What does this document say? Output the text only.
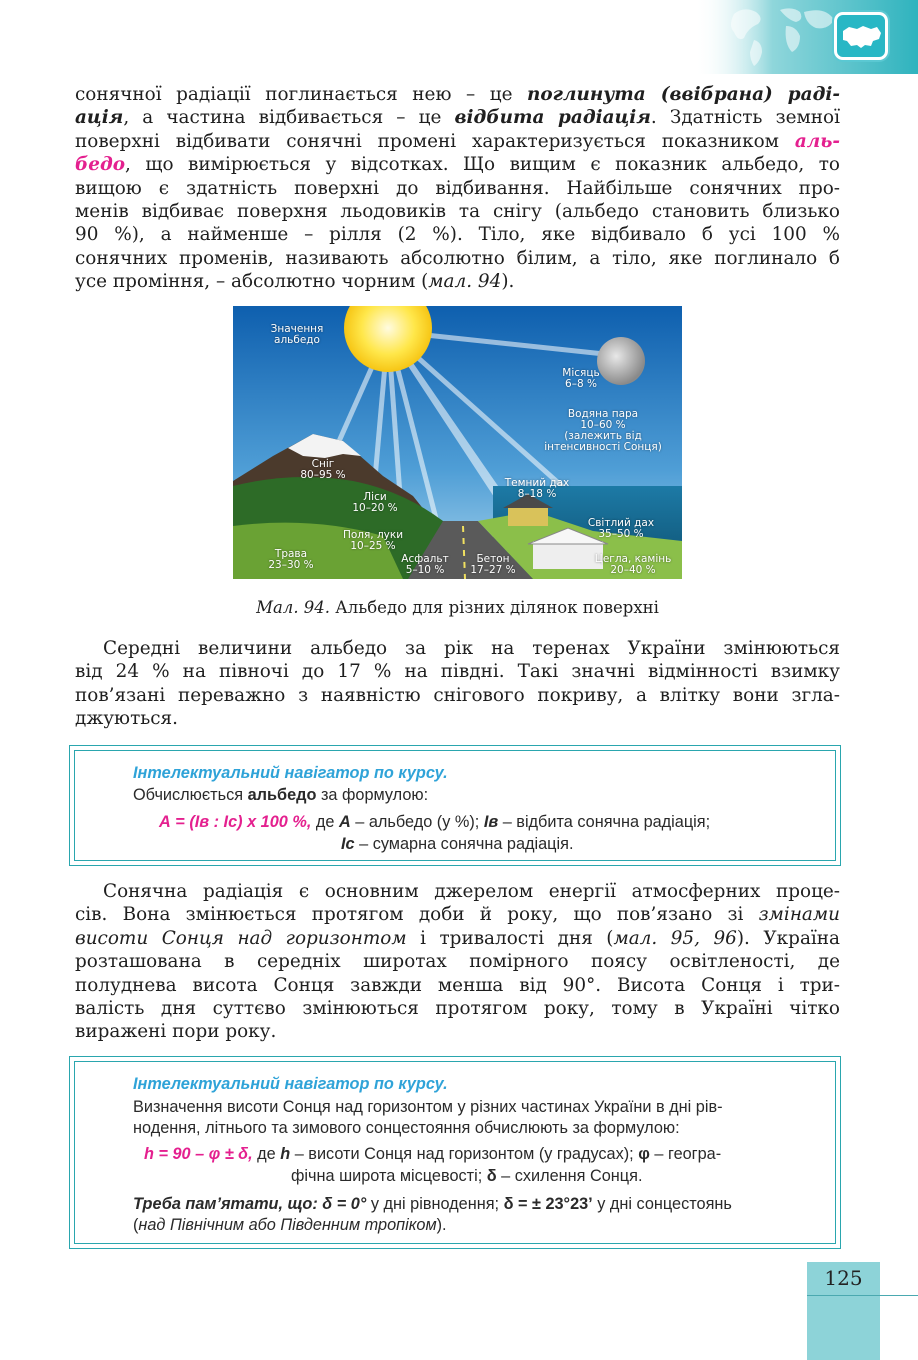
сонячної радіації поглинається нею – це поглинута (ввібрана) раді-
ація, а частина відбивається – це відбита радіація. Здатність земної
поверхні відбивати сонячні промені характеризується показником аль-
бедо, що вимірюється у відсотках. Що вищим є показник альбедо, то
вищою є здатність поверхні до відбивання. Найбільше сонячних про-
менів відбиває поверхня льодовиків та снігу (альбедо становить близько
90 %), а найменше – рілля (2 %). Тіло, яке відбивало б усі 100 %
сонячних променів, називають абсолютно білим, а тіло, яке поглинало б
усе проміння, – абсолютно чорним (мал. 94).
Значення альбедо
Місяць
6–8 %
Водяна пара
10–60 %
(залежить від
інтенсивності Сонця)
Сніг
80–95 %
Ліси
10–20 %
Темний дах
8–18 %
Світлий дах
35–50 %
Поля, луки
10–25 %
Трава
23–30 %	Асфальт
5–10 %
Бетон
17–27 %
Цегла, камінь
20–40 %
Мал. 94. Альбедо для різних ділянок поверхні
Середні величини альбедо за рік на теренах України змінюються
від 24 % на півночі до 17 % на півдні. Такі значні відмінності взимку
пов’язані переважно з наявністю снігового покриву, а влітку вони згла-
джуються.
Інтелектуальний навігатор по курсу.
Обчислюється альбедо за формулою:
А = (Ів : Іс) x 100 %, де А – альбедо (у %); Ів – відбита сонячна радіація;
Іс – сумарна сонячна радіація.
Сонячна радіація є основним джерелом енергії атмосферних проце-
сів. Вона змінюється протягом доби й року, що пов’язано зі змінами
висоти Сонця над горизонтом і тривалості дня (мал. 95, 96). Україна
розташована в середніх широтах помірного поясу освітленості, де
полуднева висота Сонця завжди менша від 90°. Висота Сонця і три-
валість дня суттєво змінюються протягом року, тому в Україні чітко
виражені пори року.
Інтелектуальний навігатор по курсу.
Визначення висоти Сонця над горизонтом у різних частинах України в дні рів-
нодення, літнього та зимового сонцестояння обчислюють за формулою:
h = 90 – φ ± δ, де h – висоти Сонця над горизонтом (у градусах); φ – геогра-
фічна широта місцевості; δ – схилення Сонця.
Треба пам’ятати, що: δ = 0° у дні рівнодення; δ = ± 23°23’ у дні сонцестоянь
(над Північним або Південним тропіком).
125
